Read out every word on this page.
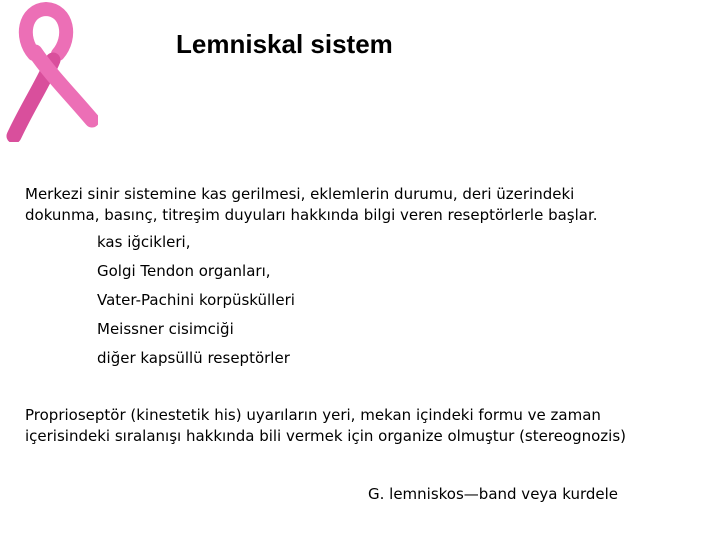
Lemniskal sistem
Merkezi sinir sistemine kas gerilmesi, eklemlerin durumu, deri üzerindeki
dokunma, basınç, titreşim duyuları hakkında bilgi veren reseptörlerle başlar.
kas iğcikleri,
Golgi Tendon organları,
Vater-Pachini korpüskülleri
Meissner cisimciği
diğer kapsüllü reseptörler
Proprioseptör (kinestetik his) uyarıların yeri, mekan içindeki formu ve zaman
içerisindeki sıralanışı hakkında bili vermek için organize olmuştur (stereognozis)
G. lemniskos—band veya kurdele
